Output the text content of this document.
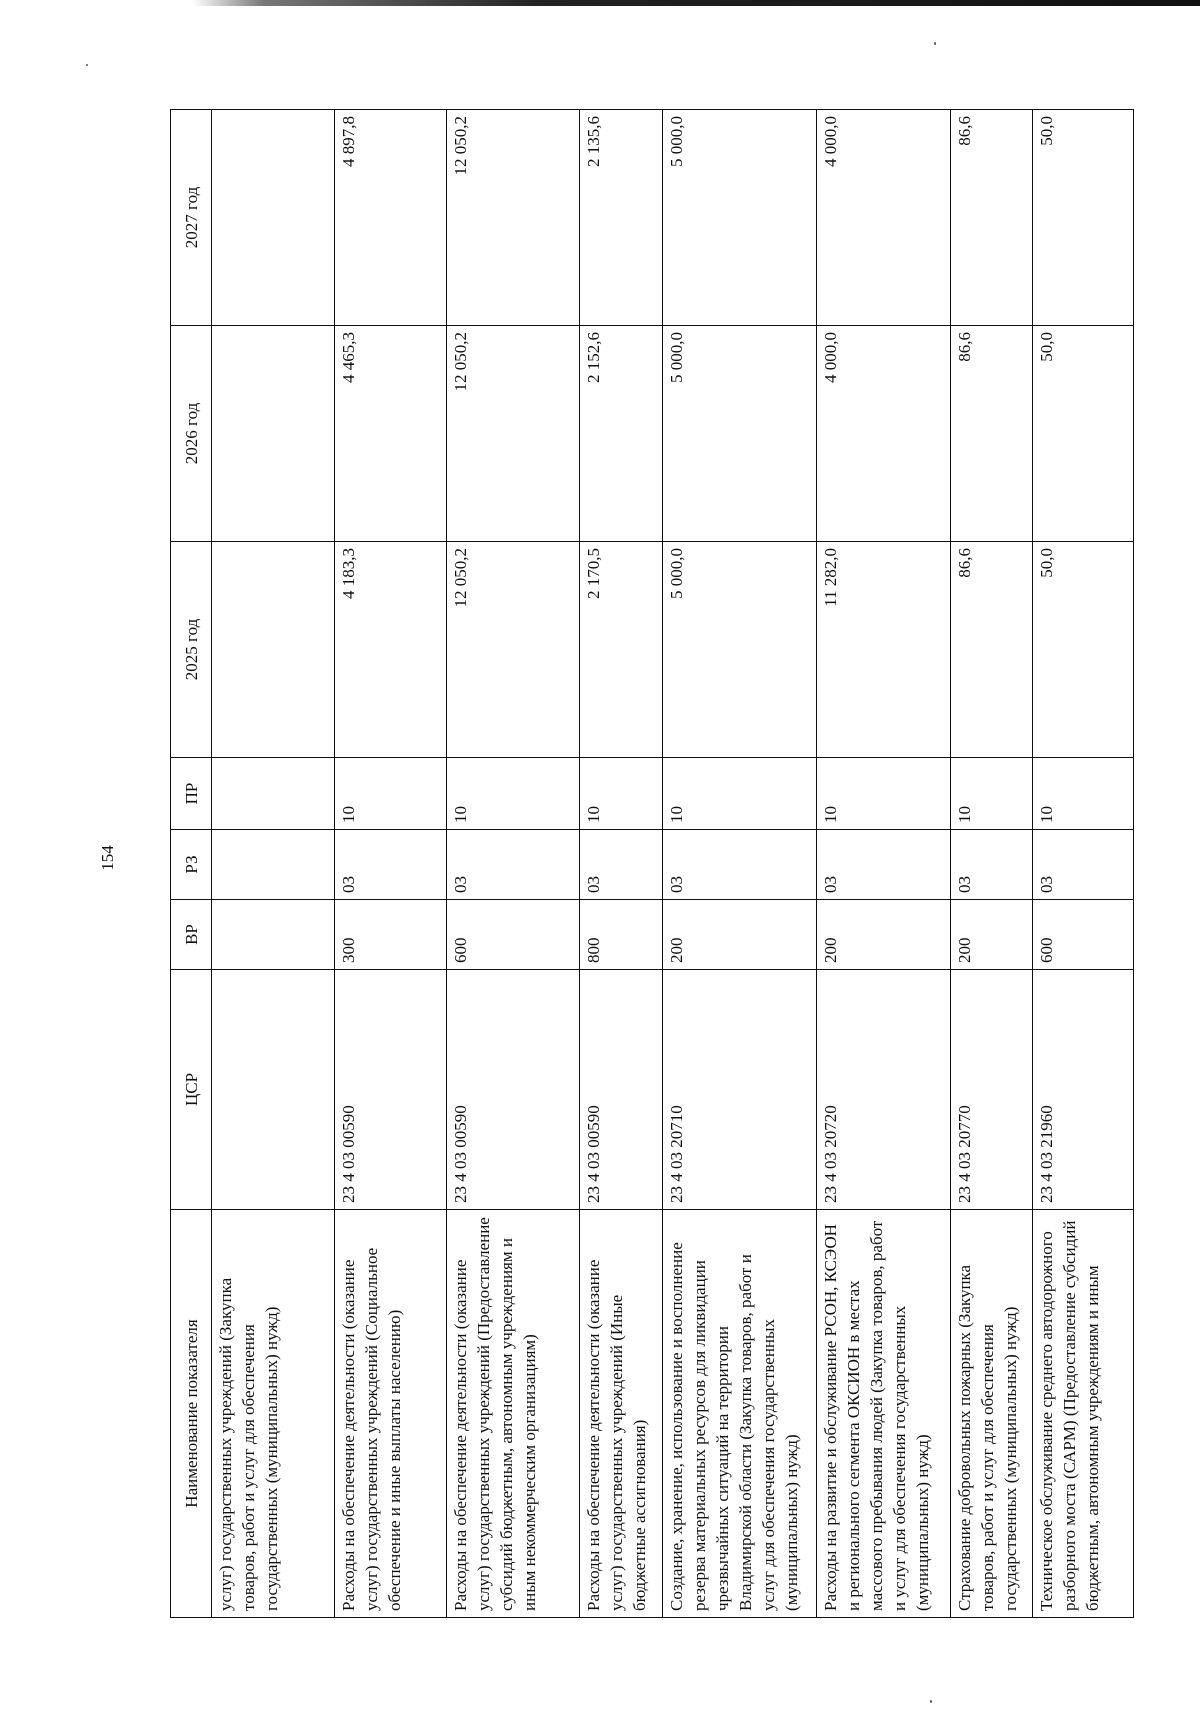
154
Наименование показателя	ЦСР	ВР	РЗ	ПР	2025 год	2026 год	2027 год
услуг) государственных учреждений (Закупка товаров, работ и услуг для обеспечения государственных (муниципальных) нужд)							
Расходы на обеспечение деятельности (оказание услуг) государственных учреждений (Социальное обеспечение и иные выплаты населению)	23 4 03 00590	300	03	10	4 183,3	4 465,3	4 897,8
Расходы на обеспечение деятельности (оказание услуг) государственных учреждений (Предоставление субсидий бюджетным, автономным учреждениям и иным некоммерческим организациям)	23 4 03 00590	600	03	10	12 050,2	12 050,2	12 050,2
Расходы на обеспечение деятельности (оказание услуг) государственных учреждений (Иные бюджетные ассигнования)	23 4 03 00590	800	03	10	2 170,5	2 152,6	2 135,6
Создание, хранение, использование и восполнение резерва материальных ресурсов для ликвидации чрезвычайных ситуаций на территории Владимирской области (Закупка товаров, работ и услуг для обеспечения государственных (муниципальных) нужд)	23 4 03 20710	200	03	10	5 000,0	5 000,0	5 000,0
Расходы на развитие и обслуживание РСОН, КСЭОН и регионального сегмента ОКСИОН в местах массового пребывания людей (Закупка товаров, работ и услуг для обеспечения государственных (муниципальных) нужд)	23 4 03 20720	200	03	10	11 282,0	4 000,0	4 000,0
Страхование добровольных пожарных (Закупка товаров, работ и услуг для обеспечения государственных (муниципальных) нужд)	23 4 03 20770	200	03	10	86,6	86,6	86,6
Техническое обслуживание среднего автодорожного разборного моста (САРМ) (Предоставление субсидий бюджетным, автономным учреждениям и иным	23 4 03 21960	600	03	10	50,0	50,0	50,0
